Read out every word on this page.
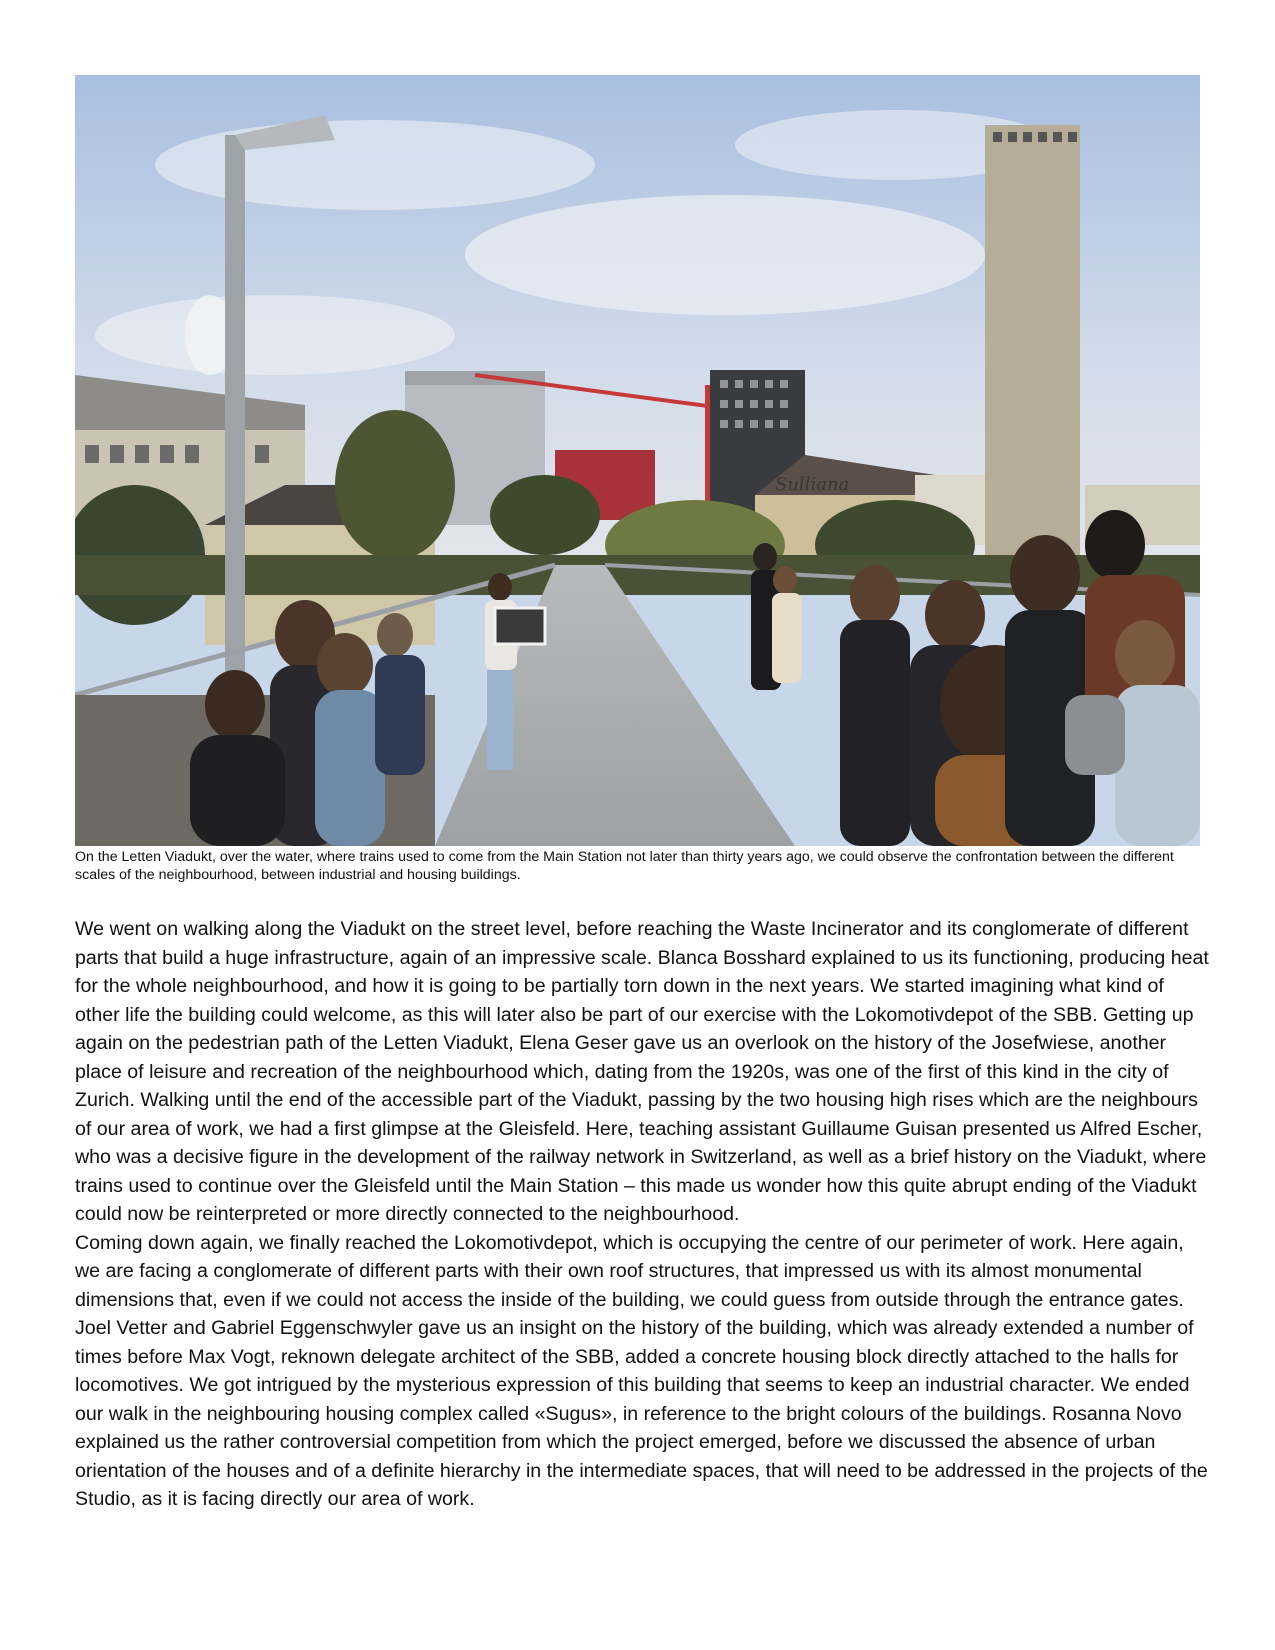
Sulliana
On the Letten Viadukt, over the water, where trains used to come from the Main Station not later than thirty years ago, we could observe the confrontation between the different scales of the neighbourhood, between industrial and housing buildings.

We went on walking along the Viadukt on the street level, before reaching the Waste Incinerator and its conglomerate of different parts that build a huge infrastructure, again of an impressive scale. Blanca Bosshard explained to us its functioning, producing heat for the whole neighbourhood, and how it is going to be partially torn down in the next years. We started imagining what kind of other life the building could welcome, as this will later also be part of our exercise with the Lokomotivdepot of the SBB. Getting up again on the pedestrian path of the Letten Viadukt, Elena Geser gave us an overlook on the history of the Josefwiese, another place of leisure and recreation of the neighbourhood which, dating from the 1920s, was one of the first of this kind in the city of Zurich. Walking until the end of the accessible part of the Viadukt, passing by the two housing high rises which are the neighbours of our area of work, we had a first glimpse at the Gleisfeld. Here, teaching assistant Guillaume Guisan presented us Alfred Escher, who was a decisive figure in the development of the railway network in Switzerland, as well as a brief history on the Viadukt, where trains used to continue over the Gleisfeld until the Main Station – this made us wonder how this quite abrupt ending of the Viadukt could now be reinterpreted or more directly connected to the neighbourhood.

Coming down again, we finally reached the Lokomotivdepot, which is occupying the centre of our perimeter of work. Here again, we are facing a conglomerate of different parts with their own roof structures, that impressed us with its almost monumental dimensions that, even if we could not access the inside of the building, we could guess from outside through the entrance gates. Joel Vetter and Gabriel Eggenschwyler gave us an insight on the history of the building, which was already extended a number of times before Max Vogt, reknown delegate architect of the SBB, added a concrete housing block directly attached to the halls for locomotives. We got intrigued by the mysterious expression of this building that seems to keep an industrial character. We ended our walk in the neighbouring housing complex called «Sugus», in reference to the bright colours of the buildings. Rosanna Novo explained us the rather controversial competition from which the project emerged, before we discussed the absence of urban orientation of the houses and of a definite hierarchy in the intermediate spaces, that will need to be addressed in the projects of the Studio, as it is facing directly our area of work.
